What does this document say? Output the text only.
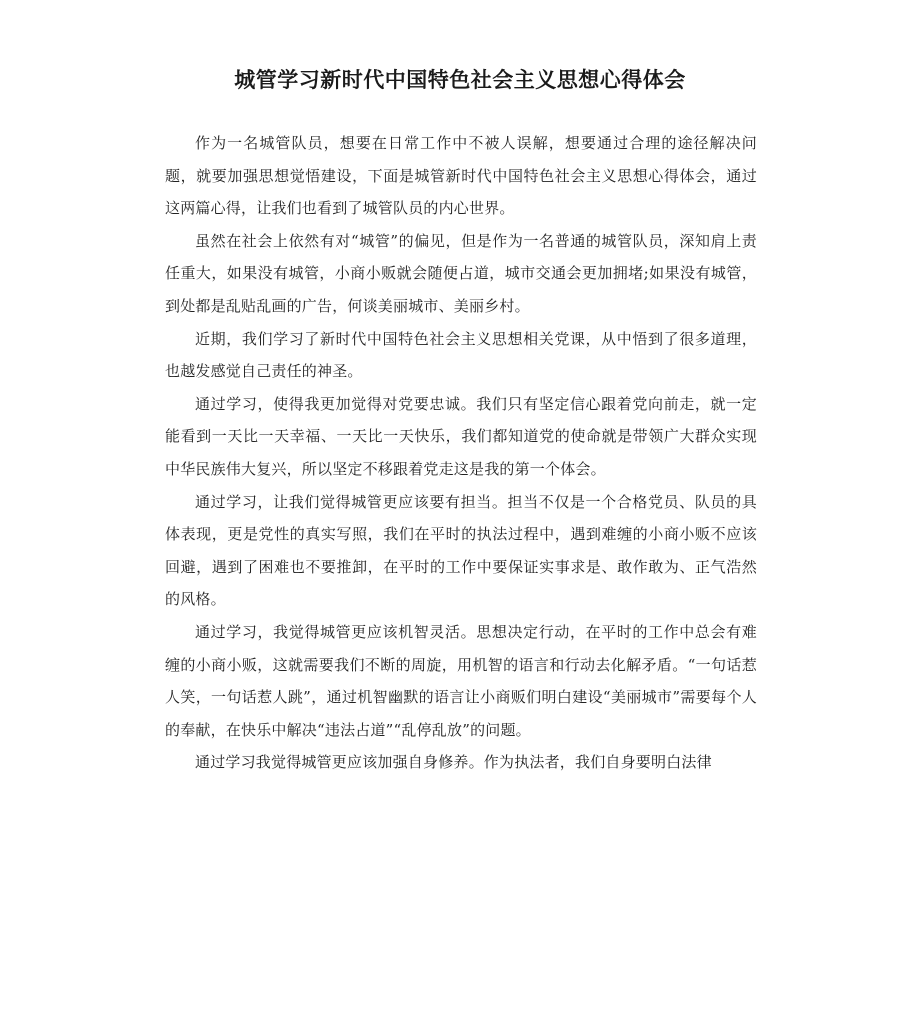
城管学习新时代中国特色社会主义思想心得体会

作为一名城管队员，想要在日常工作中不被人误解，想要通过合理的途径解决问题，就要加强思想觉悟建设，下面是城管新时代中国特色社会主义思想心得体会，通过这两篇心得，让我们也看到了城管队员的内心世界。

虽然在社会上依然有对“城管”的偏见，但是作为一名普通的城管队员，深知肩上责任重大，如果没有城管，小商小贩就会随便占道，城市交通会更加拥堵;如果没有城管，到处都是乱贴乱画的广告，何谈美丽城市、美丽乡村。

近期，我们学习了新时代中国特色社会主义思想相关党课，从中悟到了很多道理，也越发感觉自己责任的神圣。

通过学习，使得我更加觉得对党要忠诚。我们只有坚定信心跟着党向前走，就一定能看到一天比一天幸福、一天比一天快乐，我们都知道党的使命就是带领广大群众实现中华民族伟大复兴，所以坚定不移跟着党走这是我的第一个体会。

通过学习，让我们觉得城管更应该要有担当。担当不仅是一个合格党员、队员的具体表现，更是党性的真实写照，我们在平时的执法过程中，遇到难缠的小商小贩不应该回避，遇到了困难也不要推卸，在平时的工作中要保证实事求是、敢作敢为、正气浩然的风格。

通过学习，我觉得城管更应该机智灵活。思想决定行动，在平时的工作中总会有难缠的小商小贩，这就需要我们不断的周旋，用机智的语言和行动去化解矛盾。“一句话惹人笑，一句话惹人跳”，通过机智幽默的语言让小商贩们明白建设“美丽城市”需要每个人的奉献，在快乐中解决“违法占道”“乱停乱放”的问题。

通过学习我觉得城管更应该加强自身修养。作为执法者，我们自身要明白法律
